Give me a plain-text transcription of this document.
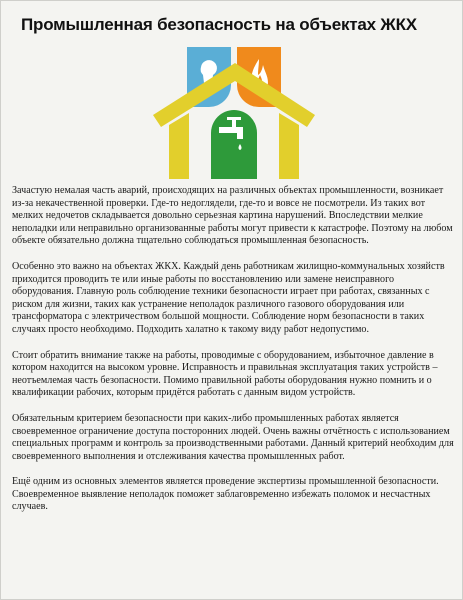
Промышленная безопасность на объектах ЖКХ

Зачастую немалая часть аварий, происходящих на различных объектах промышленности, возникает из-за некачественной проверки. Где-то недоглядели, где-то и вовсе не посмотрели. Из таких вот мелких недочетов складывается довольно серьезная картина нарушений. Впоследствии мелкие неполадки или неправильно организованные работы могут привести к катастрофе. Поэтому на любом объекте обязательно должна тщательно соблюдаться промышленная безопасность.

Особенно это важно на объектах ЖКХ. Каждый день работникам жилищно-коммунальных хозяйств приходится проводить те или иные работы по восстановлению или замене неисправного оборудования. Главную роль соблюдение техники безопасности играет при работах, связанных с риском для жизни, таких как устранение неполадок различного газового оборудования или трансформатора с электричеством большой мощности. Соблюдение норм безопасности в таких случаях просто необходимо. Подходить халатно к такому виду работ недопустимо.

Стоит обратить внимание также на работы, проводимые с оборудованием, избыточное давление в котором находится на высоком уровне. Исправность и правильная эксплуатация таких устройств – неотъемлемая часть безопасности. Помимо правильной работы оборудования нужно помнить и о квалификации рабочих, которым придётся работать с данным видом устройств.

Обязательным критерием безопасности при каких-либо промышленных работах является своевременное ограничение доступа посторонних людей. Очень важны отчётность с использованием специальных программ и контроль за производственными работами. Данный критерий необходим для своевременного выполнения и отслеживания качества промышленных работ.

Ещё одним из основных элементов является проведение экспертизы промышленной безопасности. Своевременное выявление неполадок поможет заблаговременно избежать поломок и несчастных случаев.
